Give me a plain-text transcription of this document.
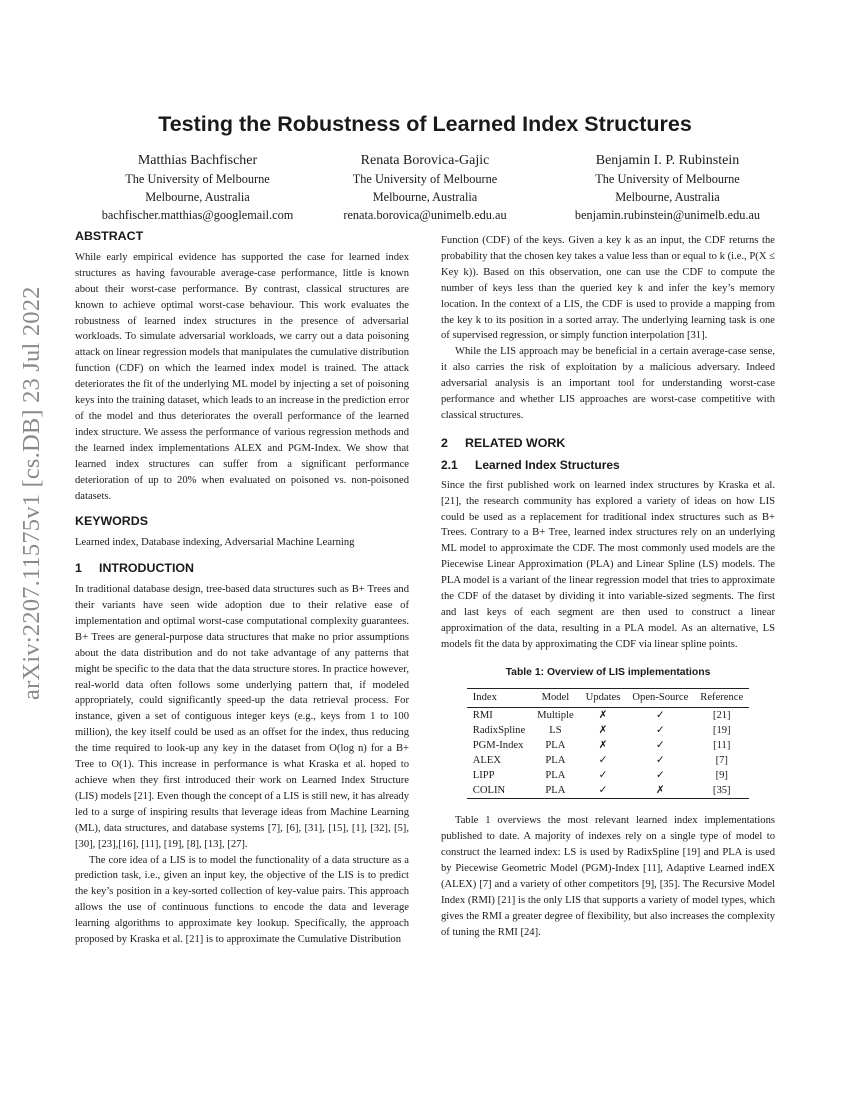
arXiv:2207.11575v1 [cs.DB] 23 Jul 2022
Testing the Robustness of Learned Index Structures
Matthias Bachfischer
The University of Melbourne
Melbourne, Australia
bachfischer.matthias@googlemail.com
Renata Borovica-Gajic
The University of Melbourne
Melbourne, Australia
renata.borovica@unimelb.edu.au
Benjamin I. P. Rubinstein
The University of Melbourne
Melbourne, Australia
benjamin.rubinstein@unimelb.edu.au
ABSTRACT

While early empirical evidence has supported the case for learned index structures as having favourable average-case performance, little is known about their worst-case performance. By contrast, classical structures are known to achieve optimal worst-case behaviour. This work evaluates the robustness of learned index structures in the presence of adversarial workloads. To simulate adversarial workloads, we carry out a data poisoning attack on linear regression models that manipulates the cumulative distribution function (CDF) on which the learned index model is trained. The attack deteriorates the fit of the underlying ML model by injecting a set of poisoning keys into the training dataset, which leads to an increase in the prediction error of the model and thus deteriorates the overall performance of the learned index structure. We assess the performance of various regression methods and the learned index implementations ALEX and PGM-Index. We show that learned index structures can suffer from a significant performance deterioration of up to 20% when evaluated on poisoned vs. non-poisoned datasets.

KEYWORDS

Learned index, Database indexing, Adversarial Machine Learning

1 INTRODUCTION

In traditional database design, tree-based data structures such as B+ Trees and their variants have seen wide adoption due to their relative ease of implementation and optimal worst-case computational complexity guarantees. B+ Trees are general-purpose data structures that make no prior assumptions about the data distribution and do not take advantage of any patterns that might be specific to the data that the data structure stores. In practice however, real-world data often follows some underlying pattern that, if modeled appropriately, could significantly speed-up the data retrieval process. For instance, given a set of contiguous integer keys (e.g., keys from 1 to 100 million), the key itself could be used as an offset for the index, thus reducing the time required to look-up any key in the dataset from O(log n) for a B+ Tree to O(1). This increase in performance is what Kraska et al. hoped to achieve when they first introduced their work on Learned Index Structure (LIS) models [21]. Even though the concept of a LIS is still new, it has already led to a surge of inspiring results that leverage ideas from Machine Learning (ML), data structures, and database systems [7], [6], [31], [15], [1], [32], [5], [30], [23],[16], [11], [19], [8], [13], [27].

The core idea of a LIS is to model the functionality of a data structure as a prediction task, i.e., given an input key, the objective of the LIS is to predict the key’s position in a key-sorted collection of key-value pairs. This approach allows the use of continuous functions to encode the data and leverage learning algorithms to approximate key lookup. Specifically, the approach proposed by Kraska et al. [21] is to approximate the Cumulative Distribution

Function (CDF) of the keys. Given a key k as an input, the CDF returns the probability that the chosen key takes a value less than or equal to k (i.e., P(X ≤ Key k)). Based on this observation, one can use the CDF to compute the number of keys less than the queried key k and infer the key’s memory location. In the context of a LIS, the CDF is used to provide a mapping from the key k to its position in a sorted array. The underlying learning task is one of supervised regression, or simply function interpolation [31].

While the LIS approach may be beneficial in a certain average-case sense, it also carries the risk of exploitation by a malicious adversary. Indeed adversarial analysis is an important tool for understanding worst-case performance and whether LIS approaches are worst-case competitive with classical structures.

2 RELATED WORK
2.1 Learned Index Structures

Since the first published work on learned index structures by Kraska et al. [21], the research community has explored a variety of ideas on how LIS could be used as a replacement for traditional index structures such as B+ Trees. Contrary to a B+ Tree, learned index structures rely on an underlying ML model to approximate the CDF. The most commonly used models are the Piecewise Linear Approximation (PLA) and Linear Spline (LS) models. The PLA model is a variant of the linear regression model that tries to approximate the CDF of the dataset by dividing it into variable-sized segments. The first and last keys of each segment are then used to construct a linear approximation of the data, resulting in a PLA model. As an alternative, LS models fit the data by approximating the CDF via linear spline points.

Table 1: Overview of LIS implementations
Index	Model	Updates	Open-Source	Reference
RMI	Multiple	✗	✓	[21]
RadixSpline	LS	✗	✓	[19]
PGM-Index	PLA	✗	✓	[11]
ALEX	PLA	✓	✓	[7]
LIPP	PLA	✓	✓	[9]
COLIN	PLA	✓	✗	[35]

Table 1 overviews the most relevant learned index implementations published to date. A majority of indexes rely on a single type of model to construct the learned index: LS is used by RadixSpline [19] and PLA is used by Piecewise Geometric Model (PGM)-Index [11], Adaptive Learned indEX (ALEX) [7] and a variety of other competitors [9], [35]. The Recursive Model Index (RMI) [21] is the only LIS that supports a variety of model types, which gives the RMI a greater degree of flexibility, but also increases the complexity of tuning the RMI [24].
